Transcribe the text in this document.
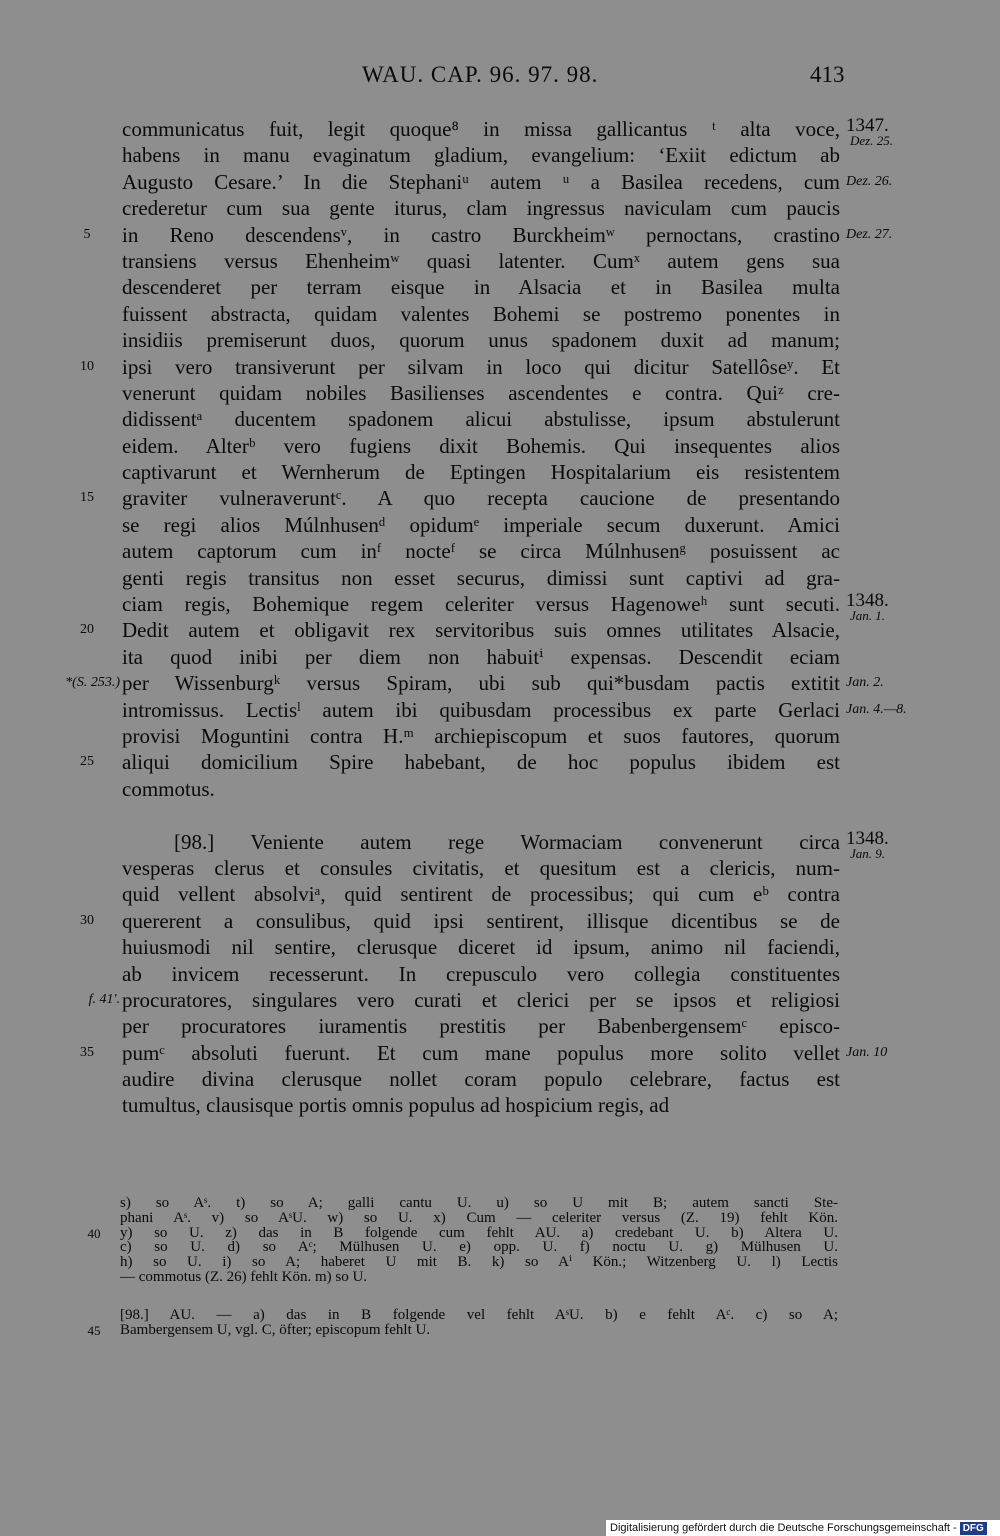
WAU. CAP. 96. 97. 98.	413
communicatus fuit, legit quoque⁸ in missa gallicantus ᵗ alta voce, 1347.
Dez. 25.
habens in manu evaginatum gladium, evangelium: ‘Exiit edictum ab
Augusto Cesare.’ In die Stephaniᵘ autem ᵘ a Basilea recedens, cum Dez. 26.
crederetur cum sua gente iturus, clam ingressus naviculam cum paucis
in Reno descendensᵛ, in castro Burckheimʷ pernoctans, crastino
5	Dez. 27.
transiens versus Ehenheimʷ quasi latenter. Cumˣ autem gens sua
descenderet per terram eisque in Alsacia et in Basilea multa
fuissent abstracta, quidam valentes Bohemi se postremo ponentes in
insidiis premiserunt duos, quorum unus spadonem duxit ad manum;
ipsi vero transiverunt per silvam in loco qui dicitur Satellôseʸ. Et
10
venerunt quidam nobiles Basilienses ascendentes e contra. Quiᶻ cre-
didissentᵃ ducentem spadonem alicui abstulisse, ipsum abstulerunt
eidem. Alterᵇ vero fugiens dixit Bohemis. Qui insequentes alios
captivarunt et Wernherum de Eptingen Hospitalarium eis resistentem
graviter vulneraveruntᶜ. A quo recepta caucione de presentando
15
se regi alios Múlnhusenᵈ opidumᵉ imperiale secum duxerunt. Amici
autem captorum cum inᶠ nocteᶠ se circa Múlnhusenᵍ posuissent ac
genti regis transitus non esset securus, dimissi sunt captivi ad gra-
ciam regis, Bohemique regem celeriter versus Hagenoweʰ sunt secuti. 1348.
Jan. 1.
Dedit autem et obligavit rex servitoribus suis omnes utilitates Alsacie,
20
ita quod inibi per diem non habuitⁱ expensas. Descendit eciam
per Wissenburgᵏ versus Spiram, ubi sub qui*busdam pactis extitit
*(S. 253.)	Jan. 2.
intromissus. Lectisˡ autem ibi quibusdam processibus ex parte Gerlaci Jan. 4.—8.
provisi Moguntini contra H.ᵐ archiepiscopum et suos fautores, quorum
aliqui domicilium Spire habebant, de hoc populus ibidem est
25
commotus.
[98.] Veniente autem rege Wormaciam convenerunt circa 1348.
Jan. 9.
vesperas clerus et consules civitatis, et quesitum est a clericis, num-
quid vellent absolviᵃ, quid sentirent de processibus; qui cum eᵇ contra
quererent a consulibus, quid ipsi sentirent, illisque dicentibus se de
30
huiusmodi nil sentire, clerusque diceret id ipsum, animo nil faciendi,
ab invicem recesserunt. In crepusculo vero collegia constituentes
procuratores, singulares vero curati et clerici per se ipsos et religiosi
f. 41'.
per procuratores iuramentis prestitis per Babenbergensemᶜ episco-
pumᶜ absoluti fuerunt. Et cum mane populus more solito vellet
35	Jan. 10
audire divina clerusque nollet coram populo celebrare, factus est
tumultus, clausisque portis omnis populus ad hospicium regis, ad
s) so Aˢ. t) so A; galli cantu U. u) so U mit B; autem sancti Ste-
phani Aˢ. v) so AˢU. w) so U. x) Cum — celeriter versus (Z. 19) fehlt Kön.
y) so U. z) das in B folgende cum fehlt AU. a) credebant U. b) Altera U.
40
c) so U. d) so Aᶜ; Mülhusen U. e) opp. U. f) noctu U. g) Mülhusen U.
h) so U. i) so A; haberet U mit B. k) so Aⁱ Kön.; Witzenberg U. l) Lectis
— commotus (Z. 26) fehlt Kön. m) so U.
[98.] AU. — a) das in B folgende vel fehlt AˢU. b) e fehlt Aᶜ. c) so A;
Bambergensem U, vgl. C, öfter; episcopum fehlt U.
45
Digitalisierung gefördert durch die Deutsche Forschungsgemeinschaft - DFG
